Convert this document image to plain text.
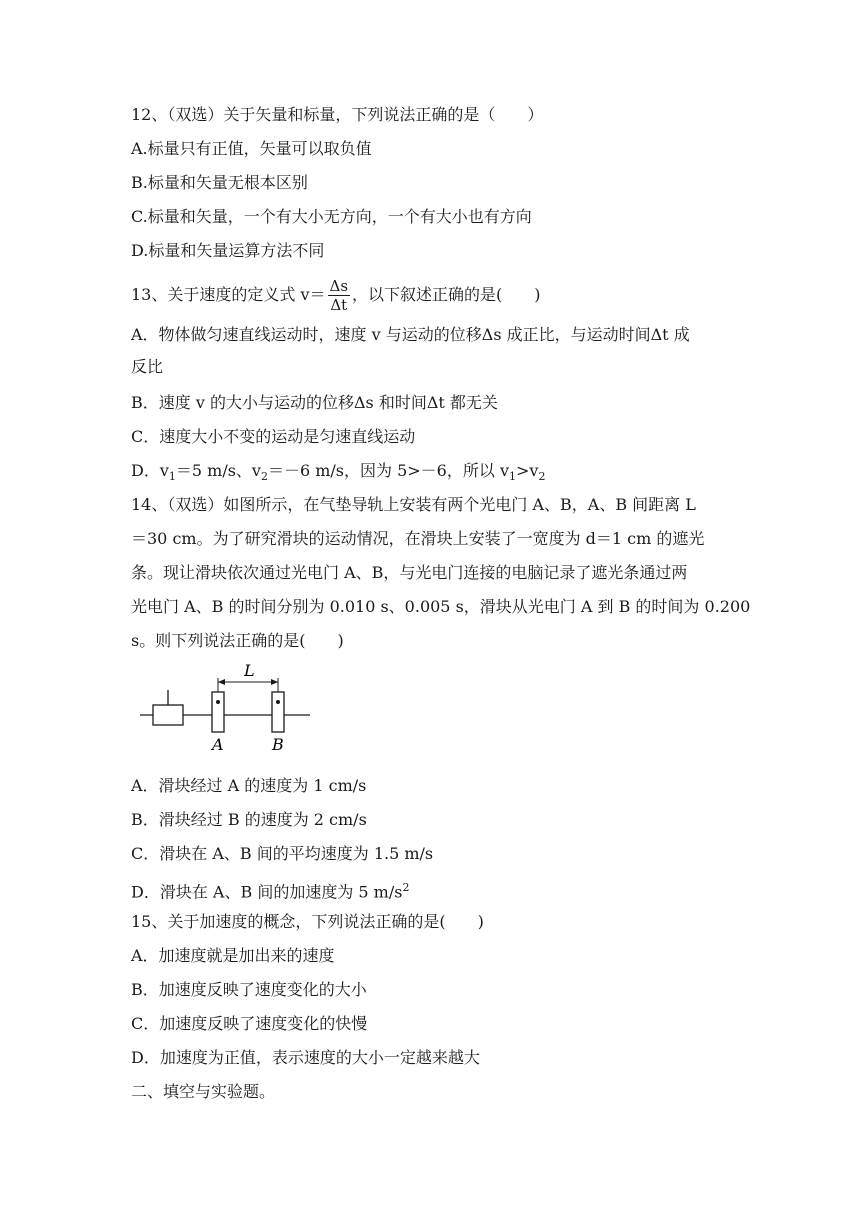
12、（双选）关于矢量和标量，下列说法正确的是（　　）
A.标量只有正值，矢量可以取负值
B.标量和矢量无根本区别
C.标量和矢量，一个有大小无方向，一个有大小也有方向
D.标量和矢量运算方法不同
13、关于速度的定义式 $v= \frac{\Delta s}{\Delta t}$ ，以下叙述正确的是(　　)
A．物体做匀速直线运动时，速度 v 与运动的位移Δs 成正比，与运动时间Δt 成
反比
B．速度 v 的大小与运动的位移Δs 和时间Δt 都无关
C．速度大小不变的运动是匀速直线运动
D．$v_1=5$ m/s、$v_2=-6$ m/s，因为 5>－6，所以 $v_1>v_2$
14、（双选）如图所示，在气垫导轨上安装有两个光电门 A、B，A、B 间距离 L
＝30 cm。为了研究滑块的运动情况，在滑块上安装了一宽度为 d＝1 cm 的遮光
条。现让滑块依次通过光电门 A、B，与光电门连接的电脑记录了遮光条通过两
光电门 A、B 的时间分别为 0.010 s、0.005 s，滑块从光电门 A 到 B 的时间为 0.200
s。则下列说法正确的是(　　)
L
A	B
A．滑块经过 A 的速度为 1 cm/s
B．滑块经过 B 的速度为 2 cm/s
C．滑块在 A、B 间的平均速度为 1.5 m/s
D．滑块在 A、B 间的加速度为 5 $m/s^2$
15、关于加速度的概念，下列说法正确的是(　　)
A．加速度就是加出来的速度
B．加速度反映了速度变化的大小
C．加速度反映了速度变化的快慢
D．加速度为正值，表示速度的大小一定越来越大
二、填空与实验题。
